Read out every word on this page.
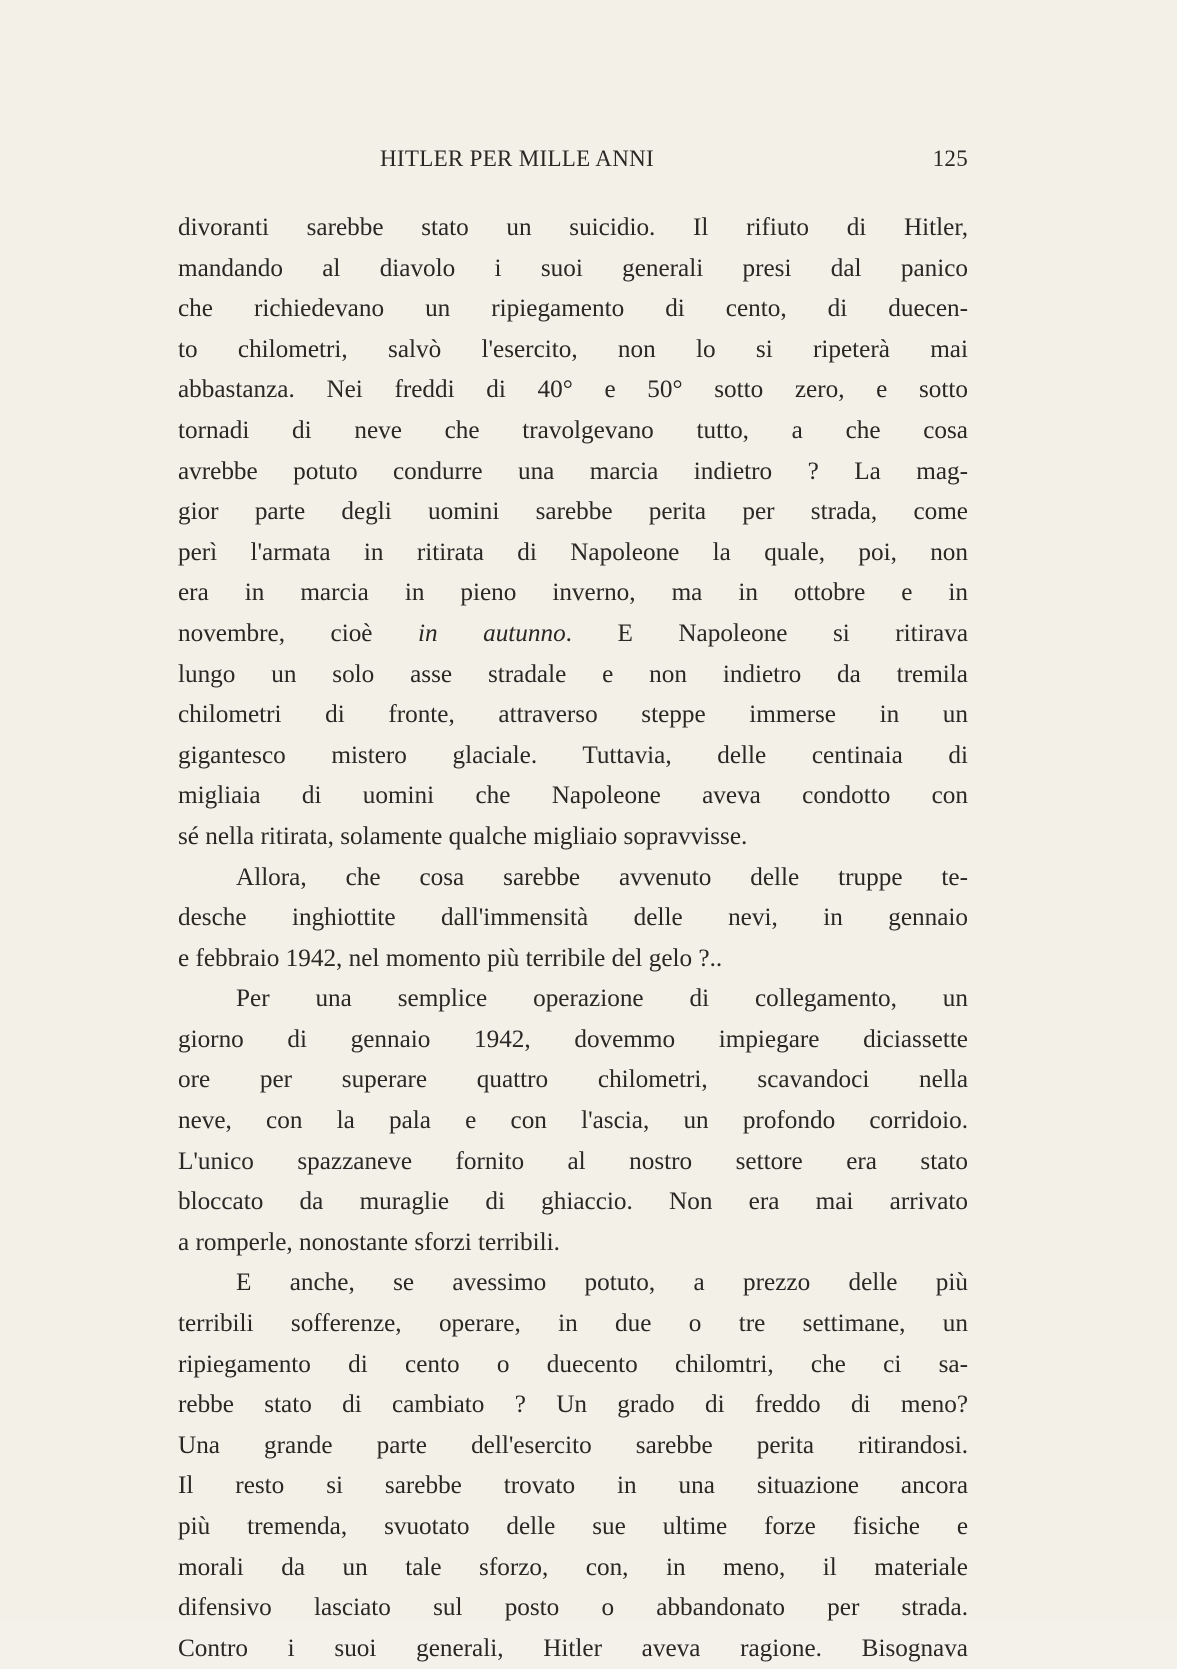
HITLER PER MILLE ANNI	125
divoranti sarebbe stato un suicidio. Il rifiuto di Hitler,
mandando al diavolo i suoi generali presi dal panico
che richiedevano un ripiegamento di cento, di duecen-
to chilometri, salvò l'esercito, non lo si ripeterà mai
abbastanza. Nei freddi di 40° e 50° sotto zero, e sotto
tornadi di neve che travolgevano tutto, a che cosa
avrebbe potuto condurre una marcia indietro ? La mag-
gior parte degli uomini sarebbe perita per strada, come
perì l'armata in ritirata di Napoleone la quale, poi, non
era in marcia in pieno inverno, ma in ottobre e in
novembre, cioè in autunno. E Napoleone si ritirava
lungo un solo asse stradale e non indietro da tremila
chilometri di fronte, attraverso steppe immerse in un
gigantesco mistero glaciale. Tuttavia, delle centinaia di
migliaia di uomini che Napoleone aveva condotto con
sé nella ritirata, solamente qualche migliaio sopravvisse.
Allora, che cosa sarebbe avvenuto delle truppe te-
desche inghiottite dall'immensità delle nevi, in gennaio
e febbraio 1942, nel momento più terribile del gelo ?..
Per una semplice operazione di collegamento, un
giorno di gennaio 1942, dovemmo impiegare diciassette
ore per superare quattro chilometri, scavandoci nella
neve, con la pala e con l'ascia, un profondo corridoio.
L'unico spazzaneve fornito al nostro settore era stato
bloccato da muraglie di ghiaccio. Non era mai arrivato
a romperle, nonostante sforzi terribili.
E anche, se avessimo potuto, a prezzo delle più
terribili sofferenze, operare, in due o tre settimane, un
ripiegamento di cento o duecento chilomtri, che ci sa-
rebbe stato di cambiato ? Un grado di freddo di meno?
Una grande parte dell'esercito sarebbe perita ritirandosi.
Il resto si sarebbe trovato in una situazione ancora
più tremenda, svuotato delle sue ultime forze fisiche e
morali da un tale sforzo, con, in meno, il materiale
difensivo lasciato sul posto o abbandonato per strada.
Contro i suoi generali, Hitler aveva ragione. Bisognava
